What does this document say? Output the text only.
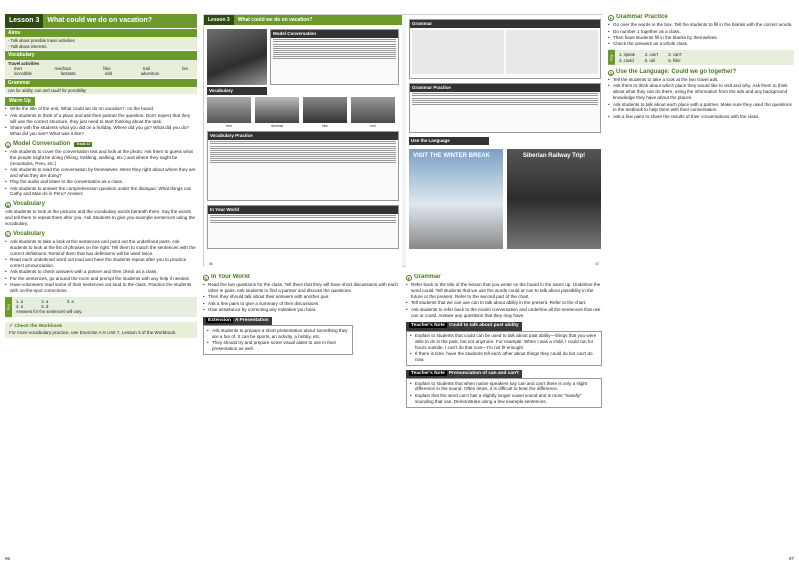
Lesson 3	What could we do on vacation?
Aims
- Talk about possible travel activities
- Talk about interests
Vocabulary
Travel activities
river	riverboat	hike	trail	fan
incredible	fantastic	wild	adventure
Grammar
can for ability, can and could for possibility
Warm Up
• Write the title of the unit, What could we do on vacation?, on the board.
• Ask students to think of a place and ask their partner the question. Don't expect that they will use the correct structure, they just need to start thinking about the task.
• Share with the students what you did on a holiday. Where did you go? What did you do? What did you see? What was it like?
A Model Conversation	Track 12
• Ask students to cover the conversation text and look at the photo. Ask them to guess what the people might be doing (hiking, trekking, walking, etc.) and where they might be (mountains, Peru, etc.)
• Ask students to read the conversation by themselves. Were they right about where they are and what they are doing?
• Play the audio and listen to the conversation as a class.
• Ask students to answer the comprehension question under the dialogue: What things can Cathy and Mae do in Peru? Answer:
B Vocabulary
Ask students to look at the pictures and the vocabulary words beneath them. Say the words and tell them to repeat them after you. Ask Students to give you example sentences using the vocabulary.
C Vocabulary
• Ask students to take a look at the sentences and point out the underlined parts. Ask students to look at the list of phrases on the right. Tell them to match the sentences with the correct definitions. Remind them that two definitions will be used twice.
• Read each underlined word out loud and have the students repeat after you to practice correct pronunciation.
• Ask students to check answers with a partner and then check as a class.
• For the sentences, go around the room and prompt the students with any help if needed.
• Have volunteers read some of their sentences out loud to the class. Practice the students with on-the-spot corrections.
Key
1. a	2. a	3. a
4. a	5. d
Answers for the sentences will vary.
✓ Check the Workbook
For more vocabulary practice, use Exercise A in Unit 7, Lesson 3 of the Workbook.
96
Lesson 3	What could we do on vacation?
Model Conversation
Vocabulary
river	riverboat	hike	trail
Vocabulary Practice
In Your World
56
Grammar
Grammar Practice
Use the Language
VISIT THE WINTER BREAK	Siberian Railway Trip!
57
D In Your World
• Read the two questions for the class. Tell them that they will have short discussions with each other in pairs. Ask students to find a partner and discuss the questions.
• Then they should talk about their answers with another pair.
• Ask a few pairs to give a summary of their discussions.
• Give assistance by correcting any mistakes you hear.
Extension A Presentation
• Ask students to prepare a short presentation about something they are a fan of. It can be sports, an activity, a hobby, etc.
• They should try and prepare some visual aides to use in their presentation as well.
E Grammar
• Refer back to the title of the lesson that you wrote on the board in the warm up. Underline the word could. Tell students that we use the words could or can to talk about possibility in the future or the present. Refer to the second part of the chart.
• Tell students that we can use can to talk about ability in the present. Refer to the chart.
• Ask students to refer back to the model conversation and underline all the sentences that use can or could. Answer any questions that they may have.
Teacher's Note Could to talk about past ability
• Explain to students that could can be used to talk about past ability—things that you were able to do in the past, but not anymore. For example: When I was a child, I could run for hours outside. I can't do that now—I'm not fit enough!
• If there is time, have the students tell each other about things they could do but can't do now.
Teacher's Note Pronunciation of can and can't
• Explain to students that when native speakers say can and can't there is only a slight difference in the sound. Often times, it is difficult to hear the difference.
• Explain that the word can't has a slightly longer vowel sound and is more "nasally" sounding that can. Demonstrate using a few example sentences.
F Grammar Practice
• Go over the words in the box. Tell the students to fill in the blanks with the correct words.
• Do number 1 together as a class.
• Then have students fill in the blanks by themselves.
• Check the answers as a whole class.
Key	1. speak 2. can't 3. can't
4. could	5. rail	6. hike
G Use the Language: Could we go together?
• Tell the students to take a look at the two travel ads.
• Ask them to think about which place they would like to visit and why. Ask them to think about what they can do there, using the information from the ads and any background knowledge they have about the places.
• Ask students to talk about each place with a partner. Make sure they used the questions in the textbook to help them with their conversation.
• Ask a few pairs to share the results of their conversations with the class.
97
